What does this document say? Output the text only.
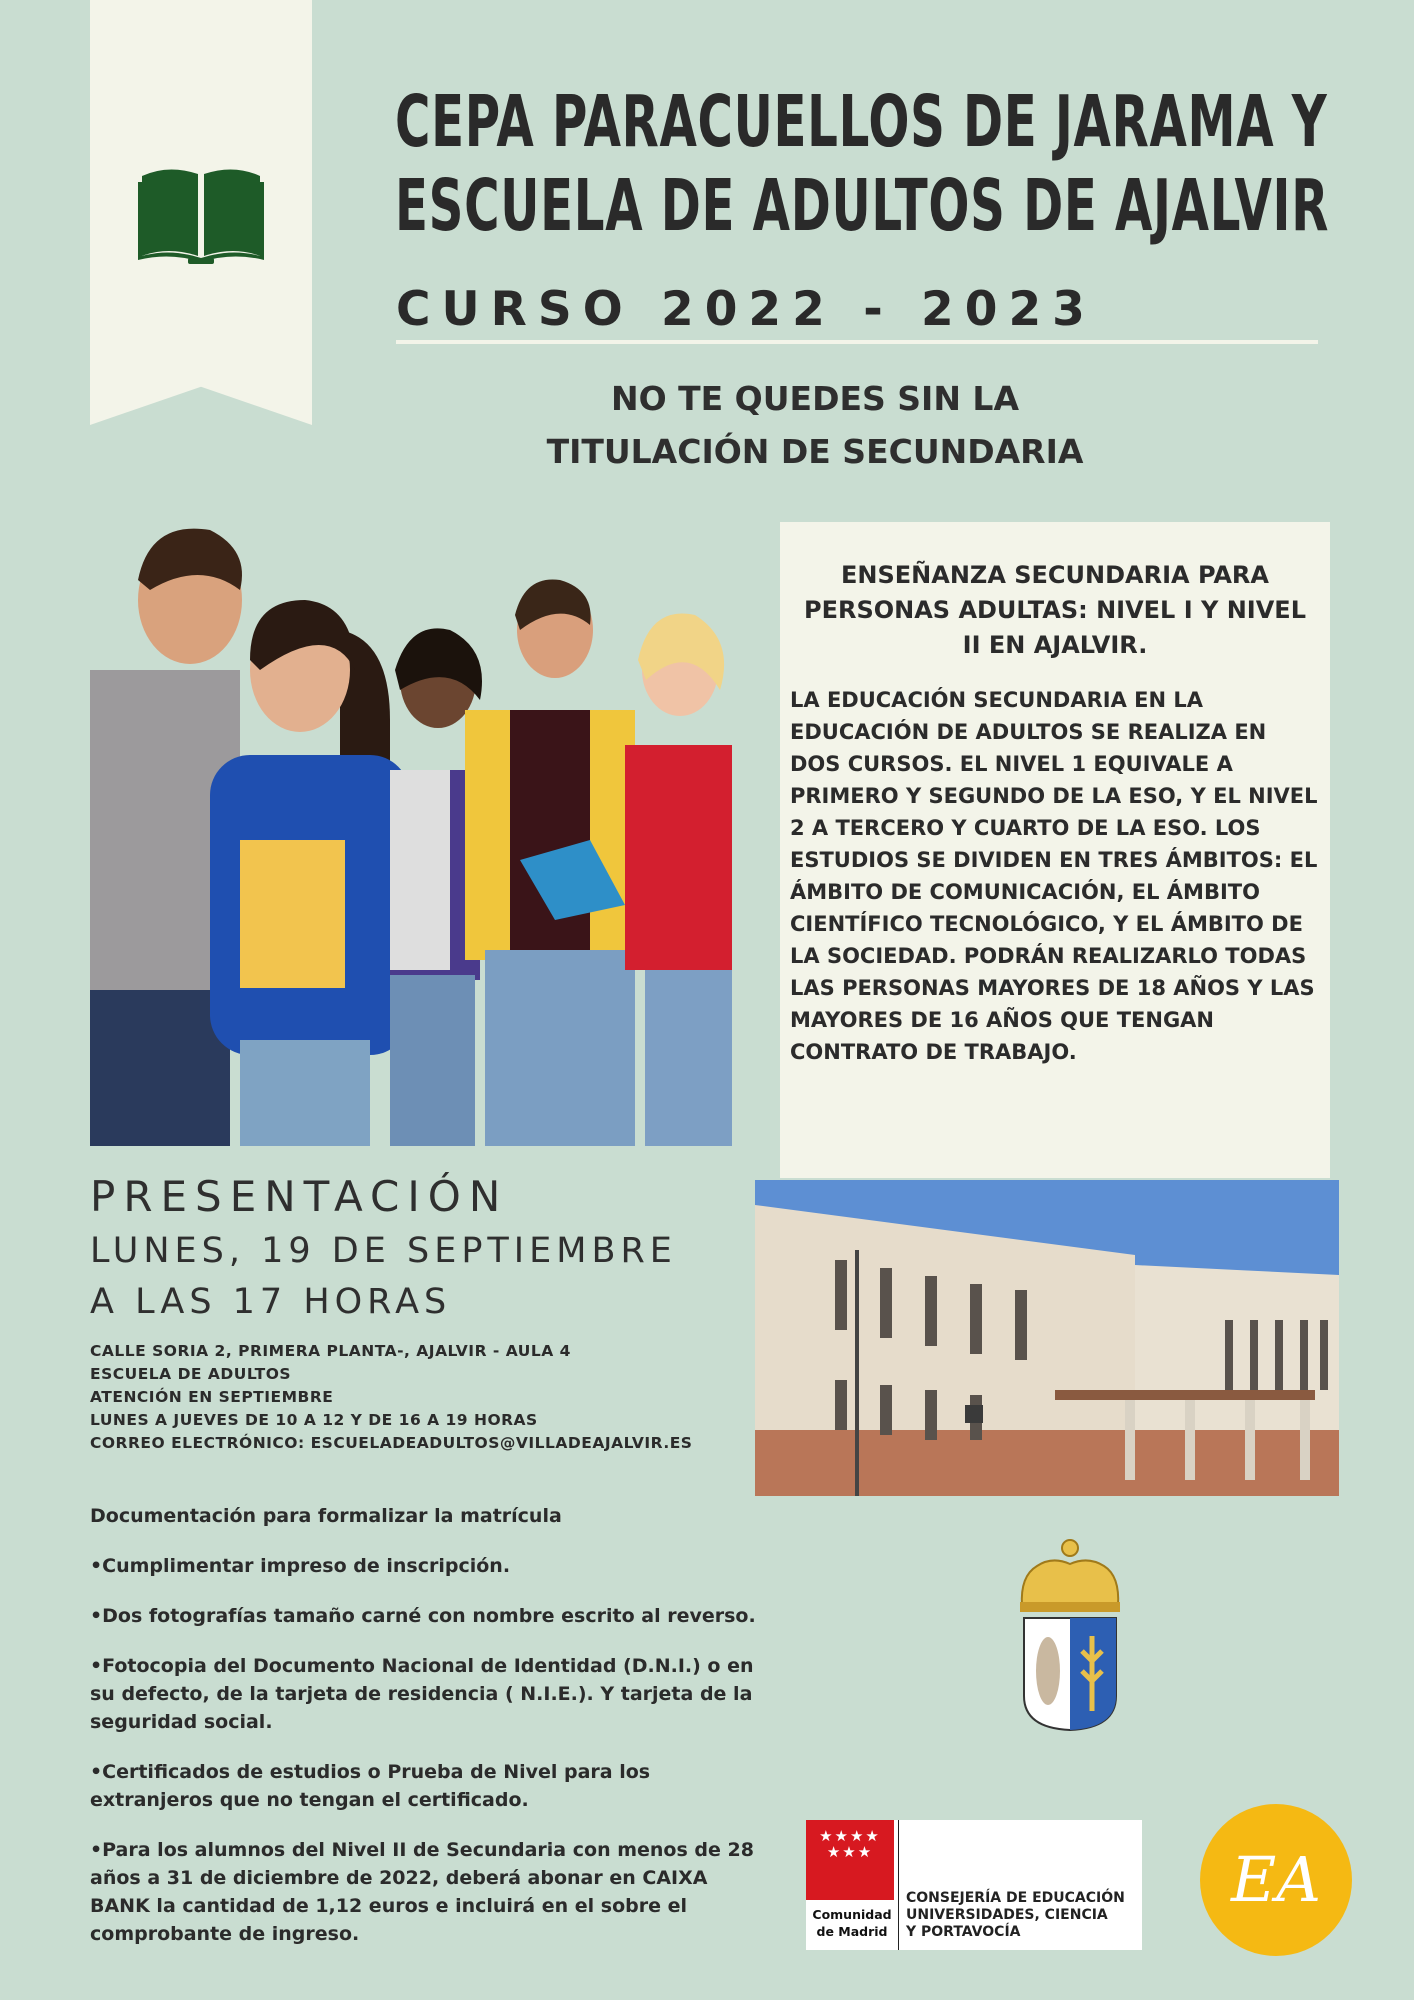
CEPA PARACUELLOS DE JARAMA Y
ESCUELA DE ADULTOS DE AJALVIR
CURSO 2022 - 2023
NO TE QUEDES SIN LA
TITULACIÓN DE SECUNDARIA
ENSEÑANZA SECUNDARIA PARA PERSONAS ADULTAS: NIVEL I Y NIVEL II EN AJALVIR.
LA EDUCACIÓN SECUNDARIA EN LA EDUCACIÓN DE ADULTOS SE REALIZA EN DOS CURSOS. EL NIVEL 1 EQUIVALE A PRIMERO Y SEGUNDO DE LA ESO, Y EL NIVEL 2 A TERCERO Y CUARTO DE LA ESO. LOS ESTUDIOS SE DIVIDEN EN TRES ÁMBITOS: EL ÁMBITO DE COMUNICACIÓN, EL ÁMBITO CIENTÍFICO TECNOLÓGICO, Y EL ÁMBITO DE LA SOCIEDAD. PODRÁN REALIZARLO TODAS LAS PERSONAS MAYORES DE 18 AÑOS Y LAS MAYORES DE 16 AÑOS QUE TENGAN CONTRATO DE TRABAJO.
PRESENTACIÓN
LUNES, 19 DE SEPTIEMBRE
A LAS 17 HORAS
CALLE SORIA 2, PRIMERA PLANTA-, AJALVIR - AULA 4
ESCUELA DE ADULTOS
ATENCIÓN EN SEPTIEMBRE
LUNES A JUEVES DE 10 A 12 Y DE 16 A 19 HORAS
CORREO ELECTRÓNICO: ESCUELADEADULTOS@VILLADEAJALVIR.ES

Documentación para formalizar la matrícula

•Cumplimentar impreso de inscripción.

•Dos fotografías tamaño carné con nombre escrito al reverso.

•Fotocopia del Documento Nacional de Identidad (D.N.I.) o en su defecto, de la tarjeta de residencia ( N.I.E.). Y tarjeta de la seguridad social.

•Certificados de estudios o Prueba de Nivel para los extranjeros que no tengan el certificado.

•Para los alumnos del Nivel II de Secundaria con menos de 28 años a 31 de diciembre de 2022, deberá abonar en CAIXA BANK la cantidad de 1,12 euros e incluirá en el sobre el comprobante de ingreso.

★★★★
★★★
Comunidad
de Madrid
CONSEJERÍA DE EDUCACIÓN
UNIVERSIDADES, CIENCIA
Y PORTAVOCÍA
EA
